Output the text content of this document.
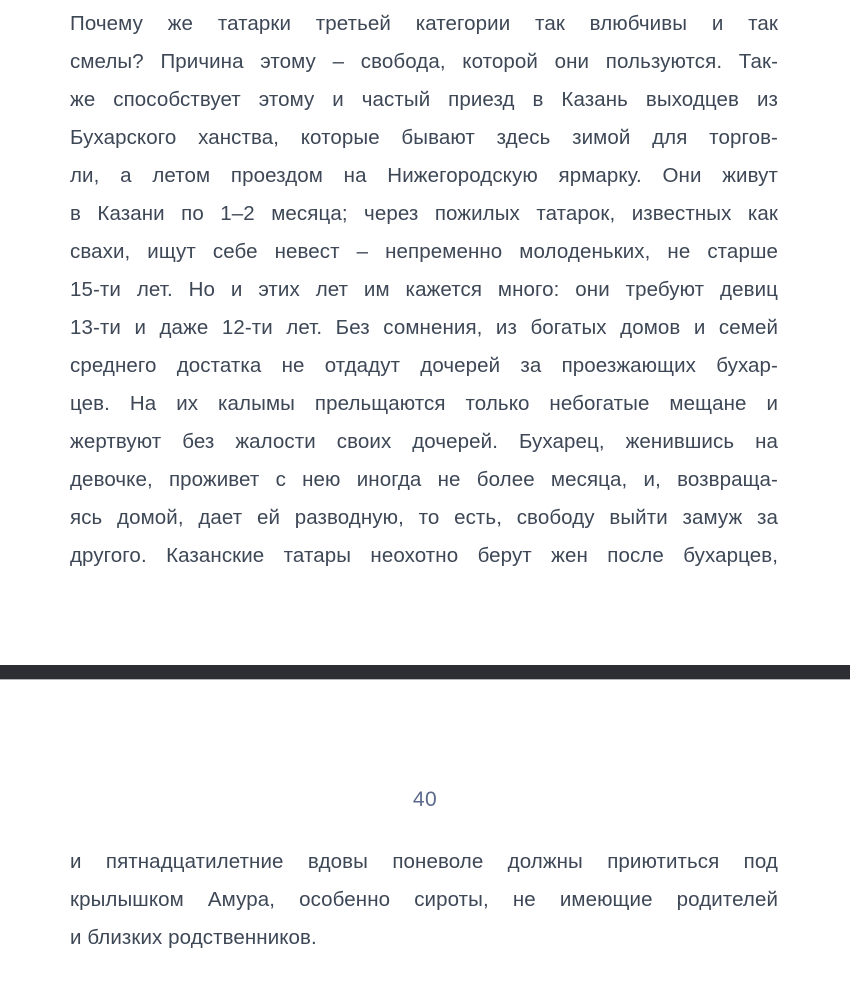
Почему же татарки третьей категории так влюбчивы и так
смелы? Причина этому – свобода, которой они пользуются. Так-
же способствует этому и частый приезд в Казань выходцев из
Бухарского ханства, которые бывают здесь зимой для торгов-
ли, а летом проездом на Нижегородскую ярмарку. Они живут
в Казани по 1–2 месяца; через пожилых татарок, известных как
свахи, ищут себе невест – непременно молоденьких, не старше
15-ти лет. Но и этих лет им кажется много: они требуют девиц
13-ти и даже 12-ти лет. Без сомнения, из богатых домов и семей
среднего достатка не отдадут дочерей за проезжающих бухар-
цев. На их калымы прельщаются только небогатые мещане и
жертвуют без жалости своих дочерей. Бухарец, женившись на
девочке, проживет с нею иногда не более месяца, и, возвраща-
ясь домой, дает ей разводную, то есть, свободу выйти замуж за
другого. Казанские татары неохотно берут жен после бухарцев,
40
и пятнадцатилетние вдовы поневоле должны приютиться под
крылышком Амура, особенно сироты, не имеющие родителей
и близких родственников.
